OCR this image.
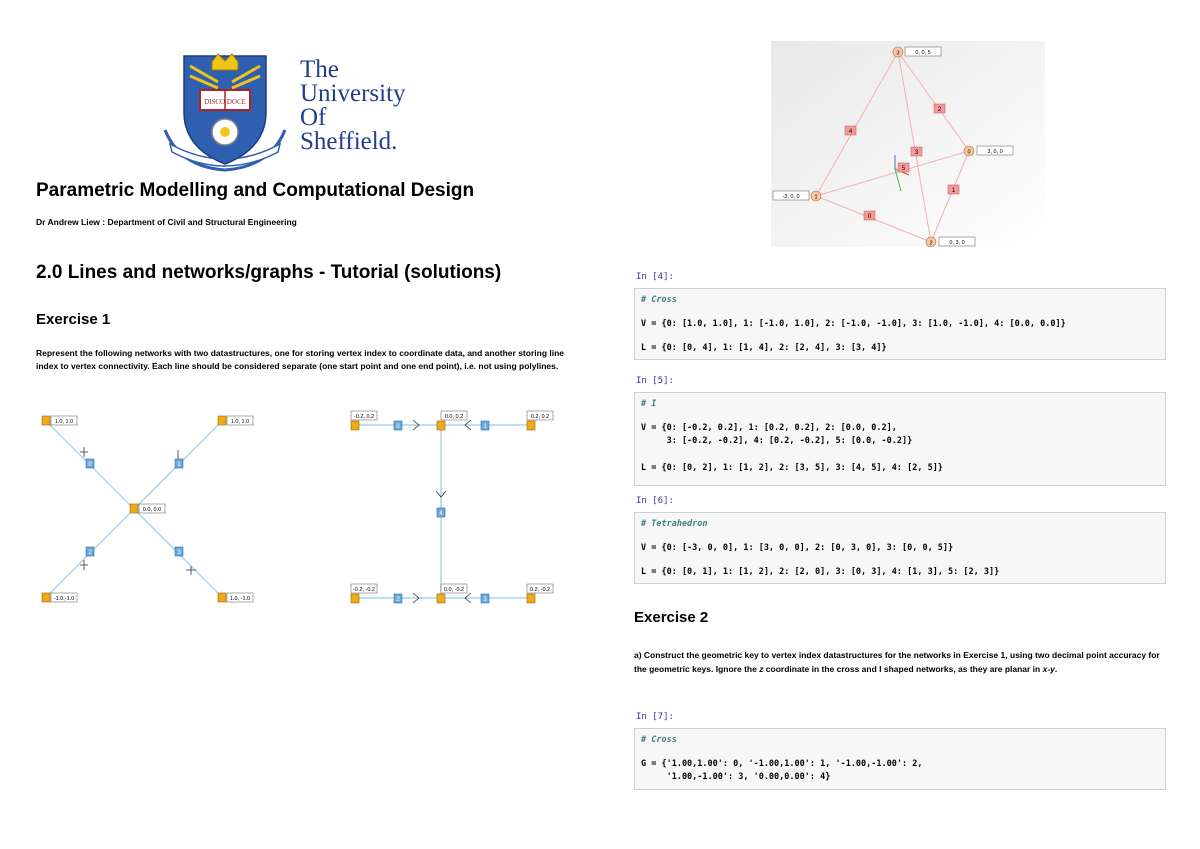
DISCO DOCE
The
University
Of
Sheffield.
Parametric Modelling and Computational Design
Dr Andrew Liew : Department of Civil and Structural Engineering
2.0 Lines and networks/graphs - Tutorial (solutions)
Exercise 1
Represent the following networks with two datastructures, one for storing vertex index to coordinate data, and another storing line index to vertex connectivity. Each line should be considered separate (one start point and one end point), i.e. not using polylines.
0	1
2	3
1.0, 1.0	1.0, 1.0
0.0, 0.0
-1.0,-1.0	1.0, -1.0
0	1
4
2	3
-0.2, 0.2	0.0, 0.2	0.2, 0.2
-0.2, -0.2	0.0, -0.2	0.2, -0.2
4
2
3
5
1
0
3	0, 0, 5
1
-3, 0, 0
0	3, 0, 0
2	0, 3, 0
In [4]:
# Cross
V = {0: [1.0, 1.0], 1: [-1.0, 1.0], 2: [-1.0, -1.0], 3: [1.0, -1.0], 4: [0.0, 0.0]}
L = {0: [0, 4], 1: [1, 4], 2: [2, 4], 3: [3, 4]}
In [5]:
# I
V = {0: [-0.2, 0.2], 1: [0.2, 0.2], 2: [0.0, 0.2],
3: [-0.2, -0.2], 4: [0.2, -0.2], 5: [0.0, -0.2]}
L = {0: [0, 2], 1: [1, 2], 2: [3, 5], 3: [4, 5], 4: [2, 5]}
In [6]:
# Tetrahedron
V = {0: [-3, 0, 0], 1: [3, 0, 0], 2: [0, 3, 0], 3: [0, 0, 5]}
L = {0: [0, 1], 1: [1, 2], 2: [2, 0], 3: [0, 3], 4: [1, 3], 5: [2, 3]}
Exercise 2
a) Construct the geometric key to vertex index datastructures for the networks in Exercise 1, using two decimal point accuracy for the geometric keys. Ignore the z coordinate in the cross and I shaped networks, as they are planar in x-y.
In [7]:
# Cross
G = {'1.00,1.00': 0, '-1.00,1.00': 1, '-1.00,-1.00': 2,
'1.00,-1.00': 3, '0.00,0.00': 4}
